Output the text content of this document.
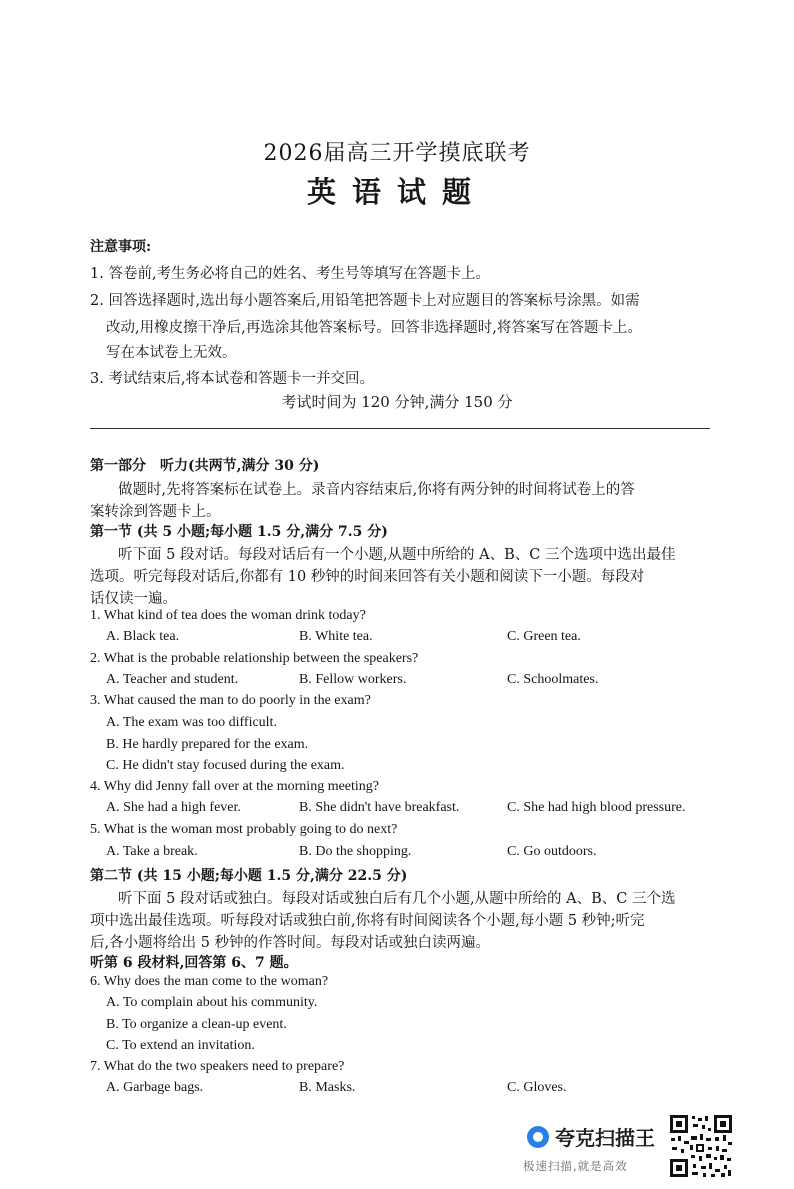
2026届高三开学摸底联考
英语试题
注意事项:
1. 答卷前,考生务必将自己的姓名、考生号等填写在答题卡上。
2. 回答选择题时,选出每小题答案后,用铅笔把答题卡上对应题目的答案标号涂黑。如需
改动,用橡皮擦干净后,再选涂其他答案标号。回答非选择题时,将答案写在答题卡上。
写在本试卷上无效。
3. 考试结束后,将本试卷和答题卡一并交回。
考试时间为 120 分钟,满分 150 分
第一部分　听力(共两节,满分 30 分)
做题时,先将答案标在试卷上。录音内容结束后,你将有两分钟的时间将试卷上的答
案转涂到答题卡上。
第一节 (共 5 小题;每小题 1.5 分,满分 7.5 分)
听下面 5 段对话。每段对话后有一个小题,从题中所给的 A、B、C 三个选项中选出最佳
选项。听完每段对话后,你都有 10 秒钟的时间来回答有关小题和阅读下一小题。每段对
话仅读一遍。
1. What kind of tea does the woman drink today?
A. Black tea.	B. White tea.	C. Green tea.
2. What is the probable relationship between the speakers?
A. Teacher and student.	B. Fellow workers.	C. Schoolmates.
3. What caused the man to do poorly in the exam?
A. The exam was too difficult.
B. He hardly prepared for the exam.
C. He didn't stay focused during the exam.
4. Why did Jenny fall over at the morning meeting?
A. She had a high fever.	B. She didn't have breakfast.	C. She had high blood pressure.
5. What is the woman most probably going to do next?
A. Take a break.	B. Do the shopping.	C. Go outdoors.
第二节 (共 15 小题;每小题 1.5 分,满分 22.5 分)
听下面 5 段对话或独白。每段对话或独白后有几个小题,从题中所给的 A、B、C 三个选
项中选出最佳选项。听每段对话或独白前,你将有时间阅读各个小题,每小题 5 秒钟;听完
后,各小题将给出 5 秒钟的作答时间。每段对话或独白读两遍。
听第 6 段材料,回答第 6、7 题。
6. Why does the man come to the woman?
A. To complain about his community.
B. To organize a clean-up event.
C. To extend an invitation.
7. What do the two speakers need to prepare?
A. Garbage bags.	B. Masks.	C. Gloves.
夸克扫描王
极速扫描,就是高效
